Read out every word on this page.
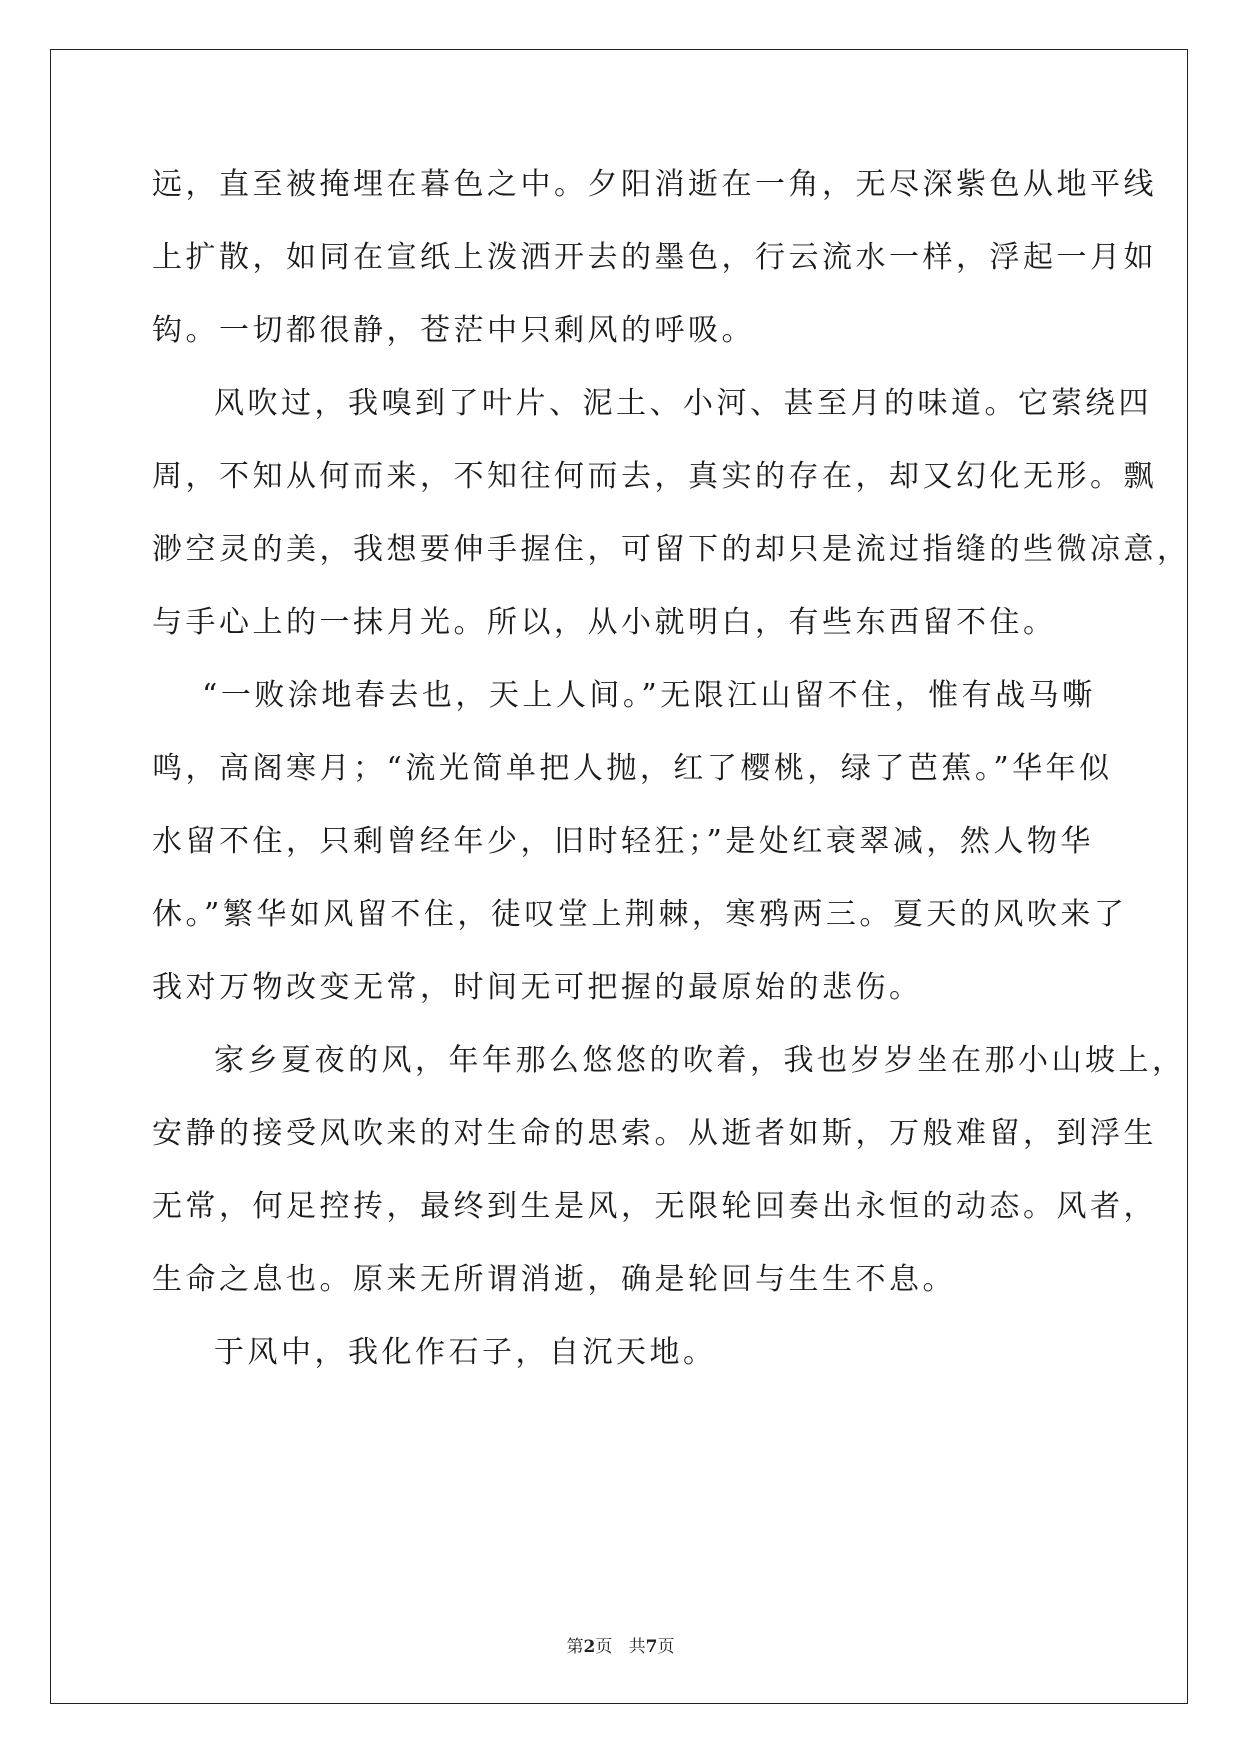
远，直至被掩埋在暮色之中。夕阳消逝在一角，无尽深紫色从地平线
上扩散，如同在宣纸上泼洒开去的墨色，行云流水一样，浮起一月如
钩。一切都很静，苍茫中只剩风的呼吸。
风吹过，我嗅到了叶片、泥土、小河、甚至月的味道。它萦绕四
周，不知从何而来，不知往何而去，真实的存在，却又幻化无形。飘
渺空灵的美，我想要伸手握住，可留下的却只是流过指缝的些微凉意，
与手心上的一抹月光。所以，从小就明白，有些东西留不住。
“一败涂地春去也，天上人间。”无限江山留不住，惟有战马嘶
鸣，高阁寒月；“流光简单把人抛，红了樱桃，绿了芭蕉。”华年似
水留不住，只剩曾经年少，旧时轻狂；”是处红衰翠减，然人物华
休。”繁华如风留不住，徒叹堂上荆棘，寒鸦两三。夏天的风吹来了
我对万物改变无常，时间无可把握的最原始的悲伤。
家乡夏夜的风，年年那么悠悠的吹着，我也岁岁坐在那小山坡上，
安静的接受风吹来的对生命的思索。从逝者如斯，万般难留，到浮生
无常，何足控抟，最终到生是风，无限轮回奏出永恒的动态。风者，
生命之息也。原来无所谓消逝，确是轮回与生生不息。
于风中，我化作石子，自沉天地。
第2页 共7页
